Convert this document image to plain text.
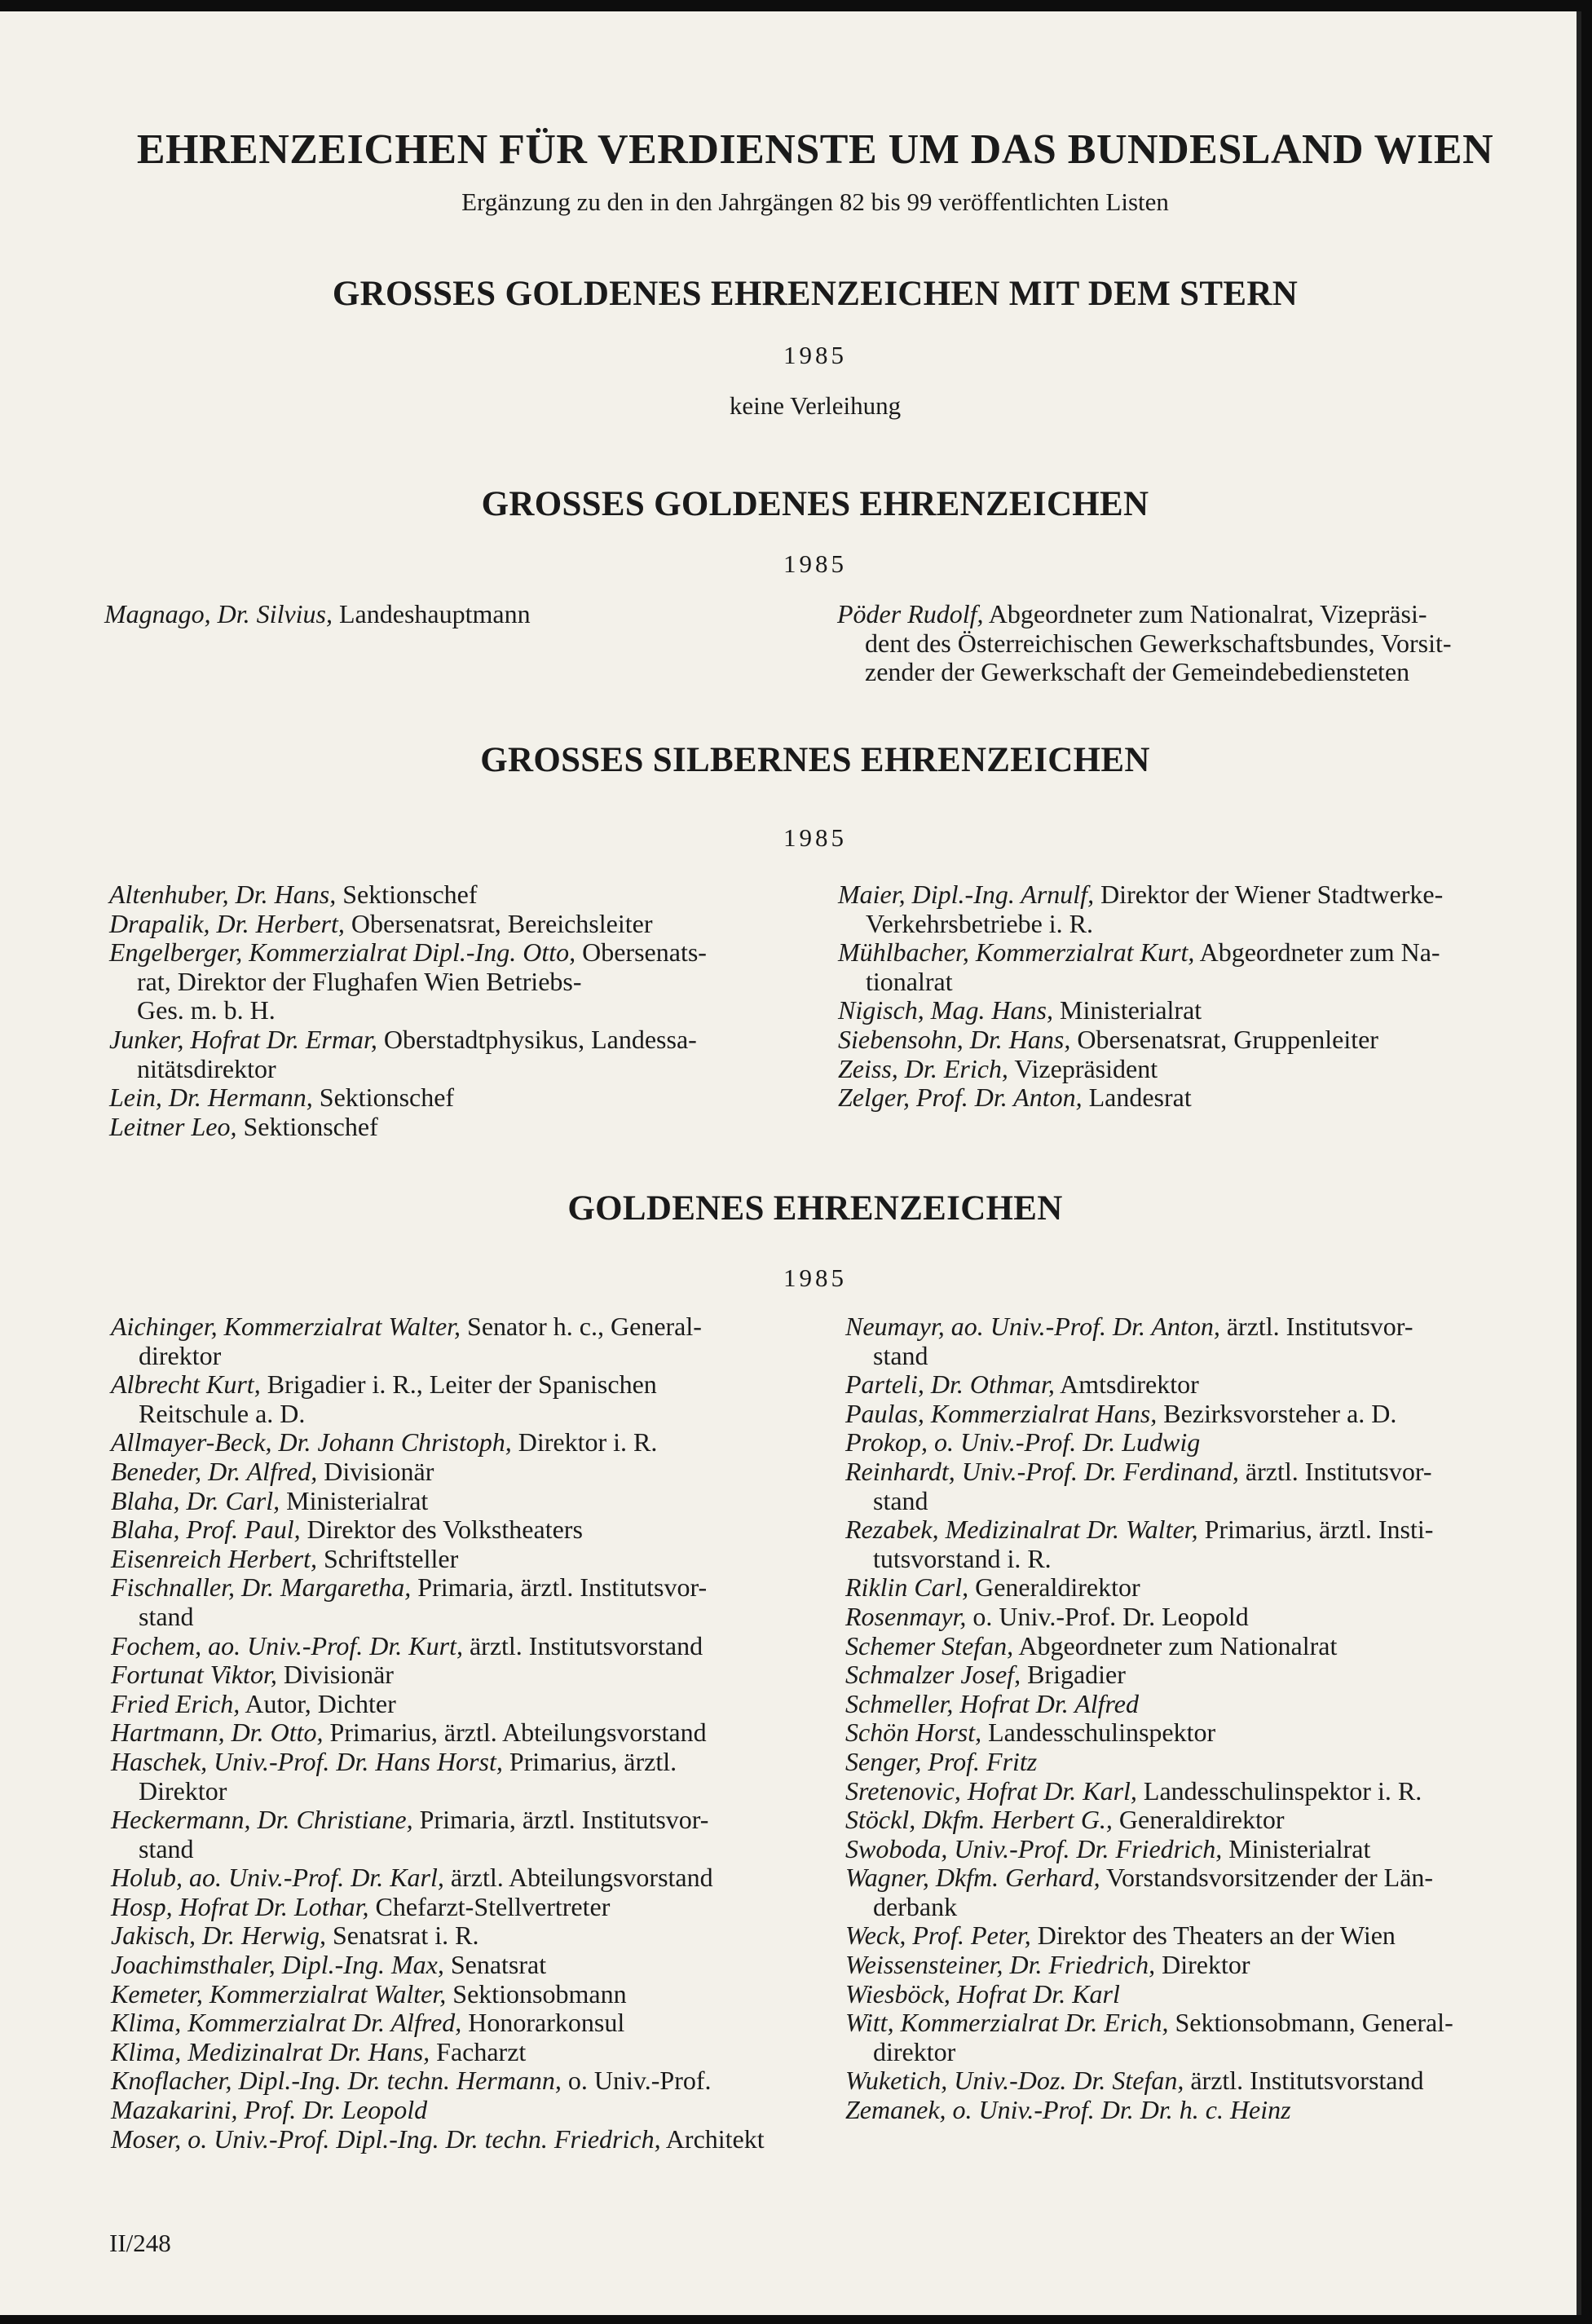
EHRENZEICHEN FÜR VERDIENSTE UM DAS BUNDESLAND WIEN
Ergänzung zu den in den Jahrgängen 82 bis 99 veröffentlichten Listen
GROSSES GOLDENES EHRENZEICHEN MIT DEM STERN
1985
keine Verleihung
GROSSES GOLDENES EHRENZEICHEN
1985
Magnago, Dr. Silvius, Landeshauptmann	Pöder Rudolf, Abgeordneter zum Nationalrat, Vizepräsi-
dent des Österreichischen Gewerkschaftsbundes, Vorsit-
zender der Gewerkschaft der Gemeindebediensteten
GROSSES SILBERNES EHRENZEICHEN
1985
Altenhuber, Dr. Hans, Sektionschef
Drapalik, Dr. Herbert, Obersenatsrat, Bereichsleiter
Engelberger, Kommerzialrat Dipl.-Ing. Otto, Obersenats-
rat, Direktor der Flughafen Wien Betriebs-
Ges. m. b. H.
Junker, Hofrat Dr. Ermar, Oberstadtphysikus, Landessa-
nitätsdirektor
Lein, Dr. Hermann, Sektionschef
Leitner Leo, Sektionschef
Maier, Dipl.-Ing. Arnulf, Direktor der Wiener Stadtwerke-
Verkehrsbetriebe i. R.
Mühlbacher, Kommerzialrat Kurt, Abgeordneter zum Na-
tionalrat
Nigisch, Mag. Hans, Ministerialrat
Siebensohn, Dr. Hans, Obersenatsrat, Gruppenleiter
Zeiss, Dr. Erich, Vizepräsident
Zelger, Prof. Dr. Anton, Landesrat
GOLDENES EHRENZEICHEN
1985
Aichinger, Kommerzialrat Walter, Senator h. c., General-
direktor
Albrecht Kurt, Brigadier i. R., Leiter der Spanischen
Reitschule a. D.
Allmayer-Beck, Dr. Johann Christoph, Direktor i. R.
Beneder, Dr. Alfred, Divisionär
Blaha, Dr. Carl, Ministerialrat
Blaha, Prof. Paul, Direktor des Volkstheaters
Eisenreich Herbert, Schriftsteller
Fischnaller, Dr. Margaretha, Primaria, ärztl. Institutsvor-
stand
Fochem, ao. Univ.-Prof. Dr. Kurt, ärztl. Institutsvorstand
Fortunat Viktor, Divisionär
Fried Erich, Autor, Dichter
Hartmann, Dr. Otto, Primarius, ärztl. Abteilungsvorstand
Haschek, Univ.-Prof. Dr. Hans Horst, Primarius, ärztl.
Direktor
Heckermann, Dr. Christiane, Primaria, ärztl. Institutsvor-
stand
Holub, ao. Univ.-Prof. Dr. Karl, ärztl. Abteilungsvorstand
Hosp, Hofrat Dr. Lothar, Chefarzt-Stellvertreter
Jakisch, Dr. Herwig, Senatsrat i. R.
Joachimsthaler, Dipl.-Ing. Max, Senatsrat
Kemeter, Kommerzialrat Walter, Sektionsobmann
Klima, Kommerzialrat Dr. Alfred, Honorarkonsul
Klima, Medizinalrat Dr. Hans, Facharzt
Knoflacher, Dipl.-Ing. Dr. techn. Hermann, o. Univ.-Prof.
Mazakarini, Prof. Dr. Leopold
Moser, o. Univ.-Prof. Dipl.-Ing. Dr. techn. Friedrich, Architekt
Neumayr, ao. Univ.-Prof. Dr. Anton, ärztl. Institutsvor-
stand
Parteli, Dr. Othmar, Amtsdirektor
Paulas, Kommerzialrat Hans, Bezirksvorsteher a. D.
Prokop, o. Univ.-Prof. Dr. Ludwig
Reinhardt, Univ.-Prof. Dr. Ferdinand, ärztl. Institutsvor-
stand
Rezabek, Medizinalrat Dr. Walter, Primarius, ärztl. Insti-
tutsvorstand i. R.
Riklin Carl, Generaldirektor
Rosenmayr, o. Univ.-Prof. Dr. Leopold
Schemer Stefan, Abgeordneter zum Nationalrat
Schmalzer Josef, Brigadier
Schmeller, Hofrat Dr. Alfred
Schön Horst, Landesschulinspektor
Senger, Prof. Fritz
Sretenovic, Hofrat Dr. Karl, Landesschulinspektor i. R.
Stöckl, Dkfm. Herbert G., Generaldirektor
Swoboda, Univ.-Prof. Dr. Friedrich, Ministerialrat
Wagner, Dkfm. Gerhard, Vorstandsvorsitzender der Län-
derbank
Weck, Prof. Peter, Direktor des Theaters an der Wien
Weissensteiner, Dr. Friedrich, Direktor
Wiesböck, Hofrat Dr. Karl
Witt, Kommerzialrat Dr. Erich, Sektionsobmann, General-
direktor
Wuketich, Univ.-Doz. Dr. Stefan, ärztl. Institutsvorstand
Zemanek, o. Univ.-Prof. Dr. Dr. h. c. Heinz
II/248
